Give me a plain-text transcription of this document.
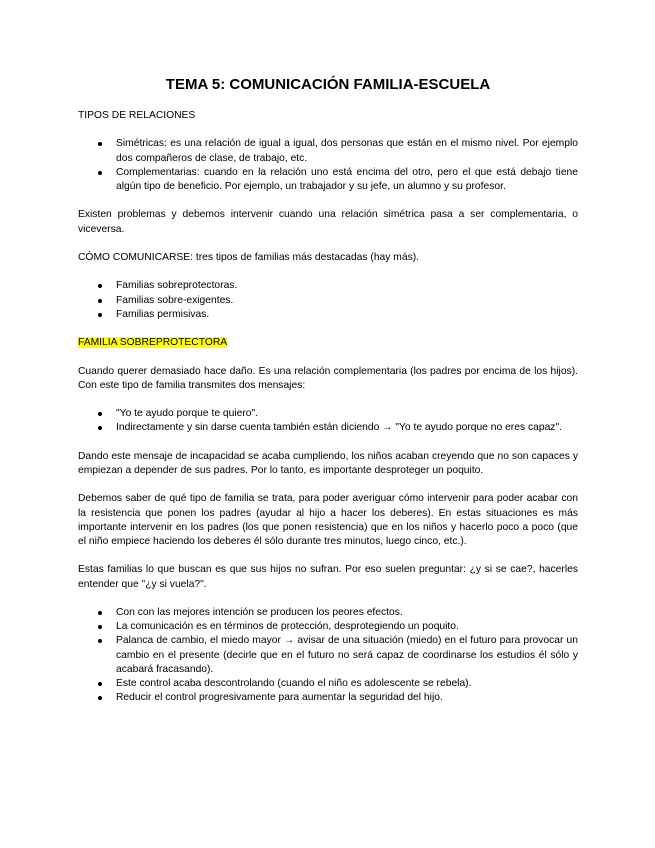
TEMA 5: COMUNICACIÓN FAMILIA-ESCUELA

TIPOS DE RELACIONES

Simétricas: es una relación de igual a igual, dos personas que están en el mismo nivel. Por ejemplo dos compañeros de clase, de trabajo, etc.
Complementarias: cuando en la relación uno está encima del otro, pero el que está debajo tiene algún tipo de beneficio. Por ejemplo, un trabajador y su jefe, un alumno y su profesor.

Existen problemas y debemos intervenir cuando una relación simétrica pasa a ser complementaria, o viceversa.

CÓMO COMUNICARSE: tres tipos de familias más destacadas (hay más).

Familias sobreprotectoras.
Familias sobre-exigentes.
Familias permisivas.

FAMILIA SOBREPROTECTORA

Cuando querer demasiado hace daño. Es una relación complementaria (los padres por encima de los hijos). Con este tipo de familia transmites dos mensajes:

"Yo te ayudo porque te quiero".
Indirectamente y sin darse cuenta también están diciendo → "Yo te ayudo porque no eres capaz".

Dando este mensaje de incapacidad se acaba cumpliendo, los niños acaban creyendo que no son capaces y empiezan a depender de sus padres. Por lo tanto, es importante desproteger un poquito.

Debemos saber de qué tipo de familia se trata, para poder averiguar cómo intervenir para poder acabar con la resistencia que ponen los padres (ayudar al hijo a hacer los deberes). En estas situaciones es más importante intervenir en los padres (los que ponen resistencia) que en los niños y hacerlo poco a poco (que el niño empiece haciendo los deberes él sólo durante tres minutos, luego cinco, etc.).

Estas familias lo que buscan es que sus hijos no sufran. Por eso suelen preguntar: ¿y si se cae?, hacerles entender que "¿y si vuela?".

Con con las mejores intención se producen los peores efectos.
La comunicación es en términos de protección, desprotegiendo un poquito.
Palanca de cambio, el miedo mayor → avisar de una situación (miedo) en el futuro para provocar un cambio en el presente (decirle que en el futuro no será capaz de coordinarse los estudios él sólo y acabará fracasando).
Este control acaba descontrolando (cuando el niño es adolescente se rebela).
Reducir el control progresivamente para aumentar la seguridad del hijo.
